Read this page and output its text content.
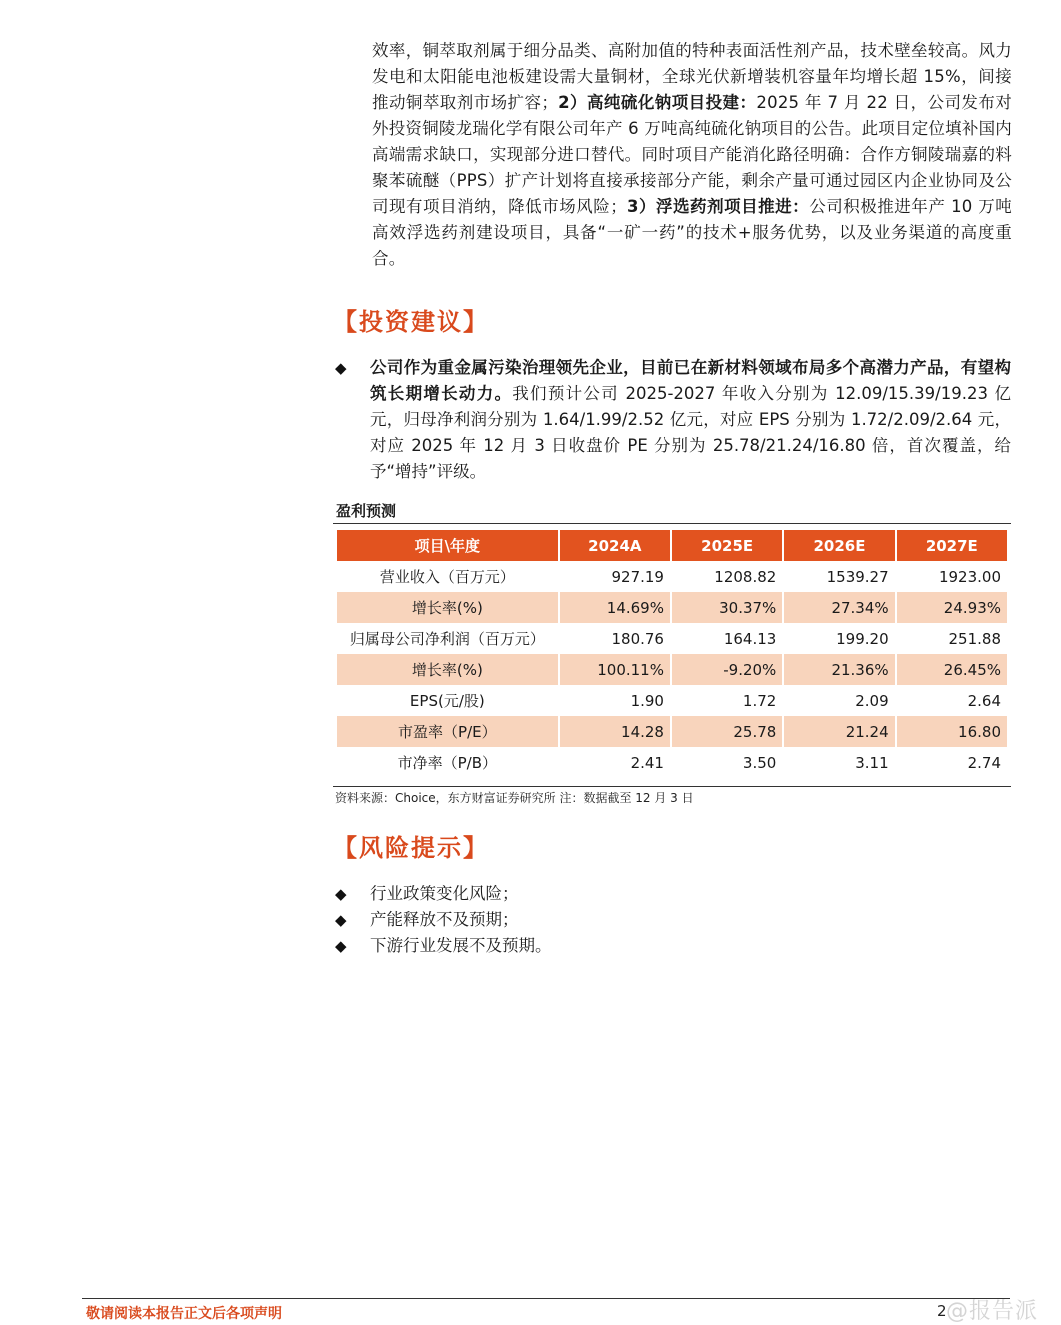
效率，铜萃取剂属于细分品类、高附加值的特种表面活性剂产品，技术壁垒较高。风力发电和太阳能电池板建设需大量铜材，全球光伏新增装机容量年均增长超 15%，间接推动铜萃取剂市场扩容；2）高纯硫化钠项目投建：2025 年 7 月 22 日，公司发布对外投资铜陵龙瑞化学有限公司年产 6 万吨高纯硫化钠项目的公告。此项目定位填补国内高端需求缺口，实现部分进口替代。同时项目产能消化路径明确：合作方铜陵瑞嘉的料聚苯硫醚（PPS）扩产计划将直接承接部分产能，剩余产量可通过园区内企业协同及公司现有项目消纳，降低市场风险；3）浮选药剂项目推进：公司积极推进年产 10 万吨高效浮选药剂建设项目，具备“一矿一药”的技术+服务优势，以及业务渠道的高度重合。

【投资建议】
◆	公司作为重金属污染治理领先企业，目前已在新材料领域布局多个高潜力产品，有望构筑长期增长动力。我们预计公司 2025-2027 年收入分别为 12.09/15.39/19.23 亿元，归母净利润分别为 1.64/1.99/2.52 亿元，对应 EPS 分别为 1.72/2.09/2.64 元，对应 2025 年 12 月 3 日收盘价 PE 分别为 25.78/21.24/16.80 倍，首次覆盖，给予“增持”评级。

盈利预测

项目\年度	2024A	2025E	2026E	2027E
营业收入（百万元）	927.19	1208.82	1539.27	1923.00
增长率(%)	14.69%	30.37%	27.34%	24.93%
归属母公司净利润（百万元）	180.76	164.13	199.20	251.88
增长率(%)	100.11%	-9.20%	21.36%	26.45%
EPS(元/股)	1.90	1.72	2.09	2.64
市盈率（P/E）	14.28	25.78	21.24	16.80
市净率（P/B）	2.41	3.50	3.11	2.74

资料来源：Choice，东方财富证券研究所 注：数据截至 12 月 3 日

【风险提示】
◆	行业政策变化风险；
◆	产能释放不及预期；
◆	下游行业发展不及预期。
敬请阅读本报告正文后各项声明	2 @报告派
